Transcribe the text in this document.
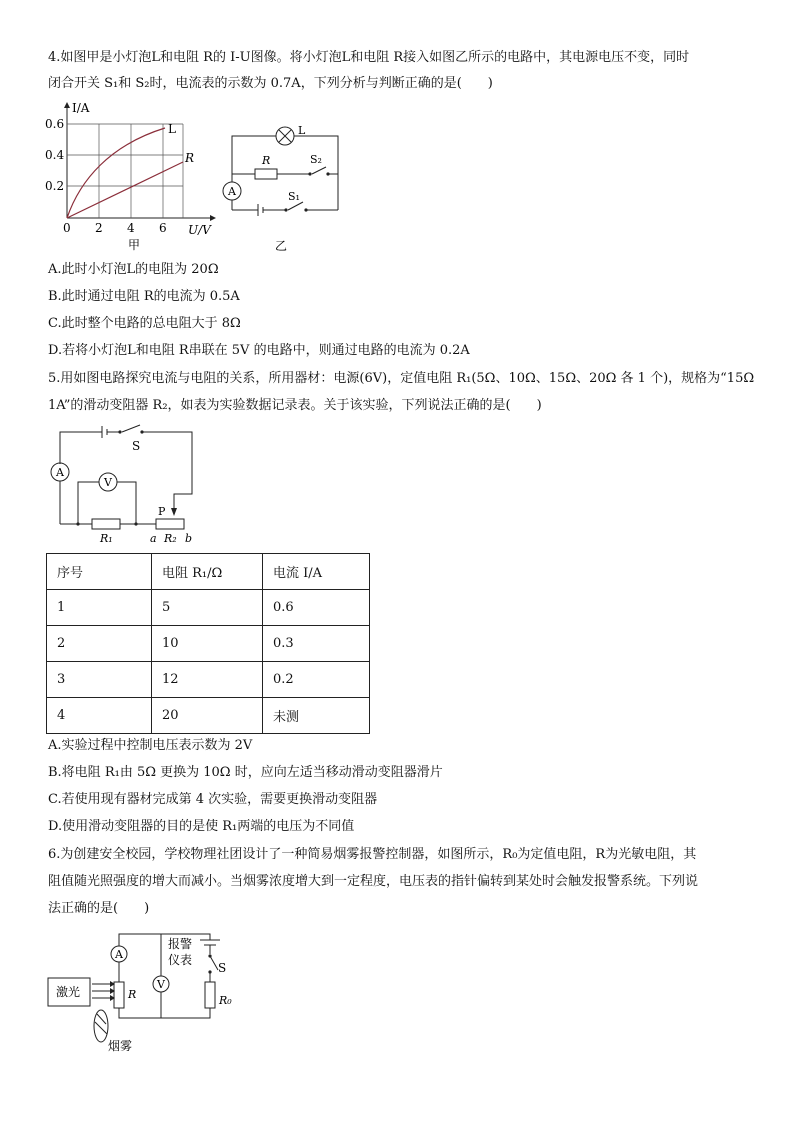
4.如图甲是小灯泡L和电阻 R的 I-U图像。将小灯泡L和电阻 R接入如图乙所示的电路中，其电源电压不变，同时
闭合开关 S₁和 S₂时，电流表的示数为 0.7A，下列分析与判断正确的是(　　)
L
R
I/A
U/V
0.6
0.4
0.2
0 2 4 6
甲
A
L
R	S₂
S₁
乙
A.此时小灯泡L的电阻为 20Ω
B.此时通过电阻 R的电流为 0.5A
C.此时整个电路的总电阻大于 8Ω
D.若将小灯泡L和电阻 R串联在 5V 的电路中，则通过电路的电流为 0.2A
5.用如图电路探究电流与电阻的关系，所用器材：电源(6V)，定值电阻 R₁(5Ω、10Ω、15Ω、20Ω 各 1 个)，规格为“15Ω
1A”的滑动变阻器 R₂，如表为实验数据记录表。关于该实验，下列说法正确的是(　　)
A
V
S
P
R₁	a R₂ b
序号	电阻 R₁/Ω	电流 I/A
1	5	0.6
2	10	0.3
3	12	0.2
4	20	未测
A.实验过程中控制电压表示数为 2V
B.将电阻 R₁由 5Ω 更换为 10Ω 时，应向左适当移动滑动变阻器滑片
C.若使用现有器材完成第 4 次实验，需要更换滑动变阻器
D.使用滑动变阻器的目的是使 R₁两端的电压为不同值
6.为创建安全校园，学校物理社团设计了一种简易烟雾报警控制器，如图所示，R₀为定值电阻，R为光敏电阻，其
阻值随光照强度的增大而减小。当烟雾浓度增大到一定程度，电压表的指针偏转到某处时会触发报警系统。下列说
法正确的是(　　)
激光
A
V
R
报警
仪表
S
R₀
烟雾
